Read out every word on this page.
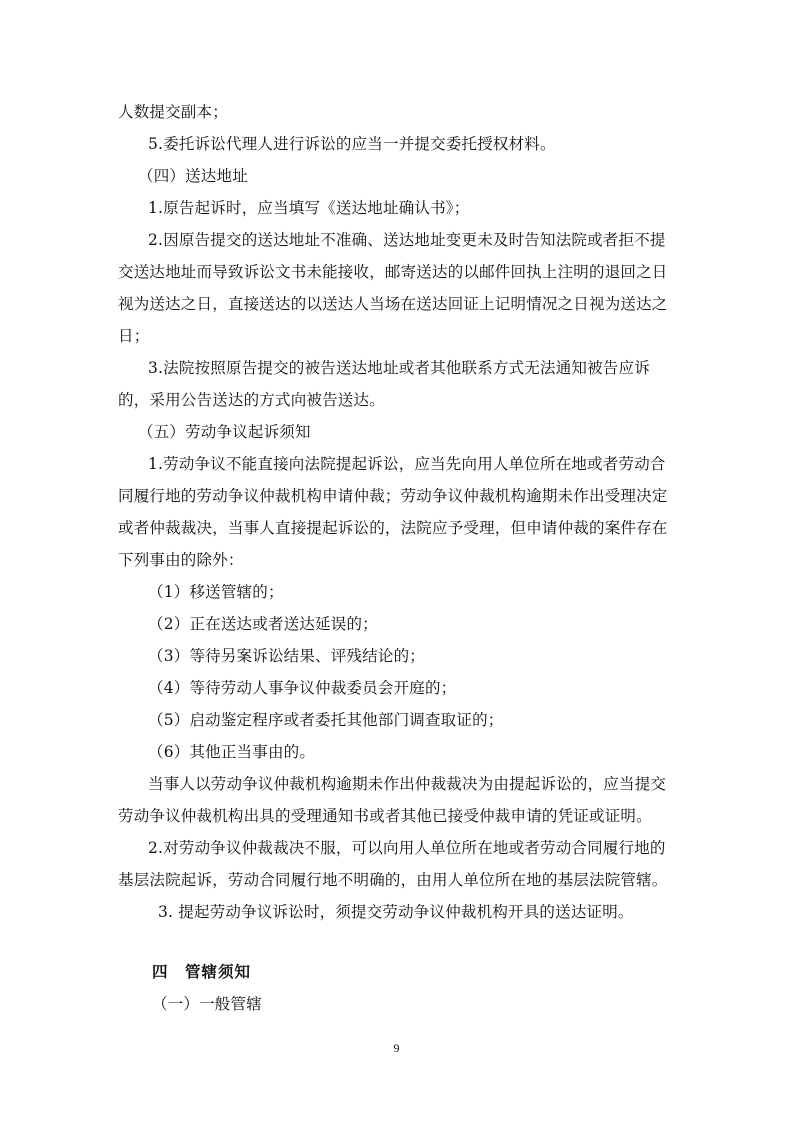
人数提交副本；
5.委托诉讼代理人进行诉讼的应当一并提交委托授权材料。
（四）送达地址
1.原告起诉时，应当填写《送达地址确认书》；
2.因原告提交的送达地址不准确、送达地址变更未及时告知法院或者拒不提
交送达地址而导致诉讼文书未能接收，邮寄送达的以邮件回执上注明的退回之日
视为送达之日，直接送达的以送达人当场在送达回证上记明情况之日视为送达之
日；
3.法院按照原告提交的被告送达地址或者其他联系方式无法通知被告应诉
的，采用公告送达的方式向被告送达。
（五）劳动争议起诉须知
1.劳动争议不能直接向法院提起诉讼，应当先向用人单位所在地或者劳动合
同履行地的劳动争议仲裁机构申请仲裁；劳动争议仲裁机构逾期未作出受理决定
或者仲裁裁决，当事人直接提起诉讼的，法院应予受理，但申请仲裁的案件存在
下列事由的除外：
（1）移送管辖的；
（2）正在送达或者送达延误的；
（3）等待另案诉讼结果、评残结论的；
（4）等待劳动人事争议仲裁委员会开庭的；
（5）启动鉴定程序或者委托其他部门调查取证的；
（6）其他正当事由的。
当事人以劳动争议仲裁机构逾期未作出仲裁裁决为由提起诉讼的，应当提交
劳动争议仲裁机构出具的受理通知书或者其他已接受仲裁申请的凭证或证明。
2.对劳动争议仲裁裁决不服，可以向用人单位所在地或者劳动合同履行地的
基层法院起诉，劳动合同履行地不明确的，由用人单位所在地的基层法院管辖。
3. 提起劳动争议诉讼时，须提交劳动争议仲裁机构开具的送达证明。
四　管辖须知
（一）一般管辖
9
